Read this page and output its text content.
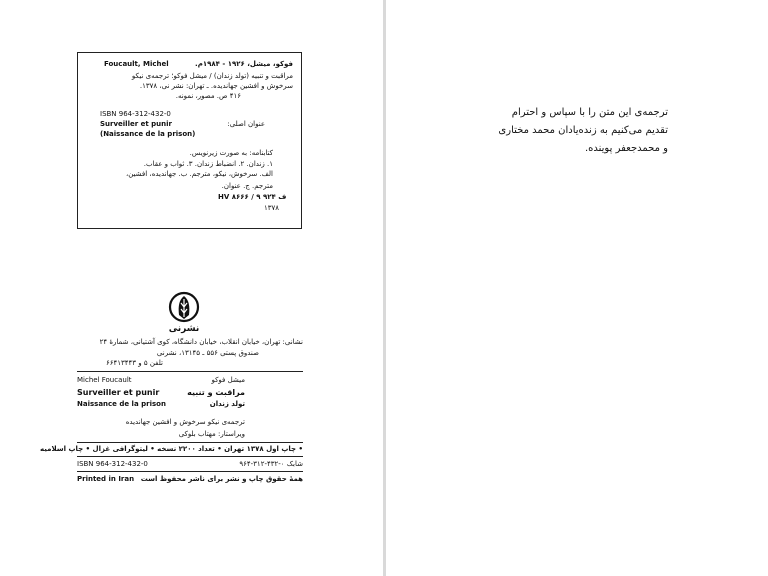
Foucault, Michel	فوکو، میشل، ۱۹۲۶ - ۱۹۸۴م.
مراقبت و تنبیه (تولد زندان) / میشل فوکو؛ ترجمه‌ی نیکو
سرخوش و افشین جهاندیده. ـ تهران: نشر نی، ۱۳۷۸.
۴۱۶ ص. مصور، نمونه.
ISBN 964-312-432-0
عنوان اصلی:
Surveiller et punir
(Naissance de la prison)
کتابنامه: به صورت زیرنویس.
۱. زندان. ۲. انضباط زندان. ۳. ثواب و عقاب.
الف. سرخوش، نیکو، مترجم. ب. جهاندیده، افشین،
مترجم. ج. عنوان.
HV ۸۶۶۶ / ۹ ف ۹۲۴
۱۳۷۸
نشرنی
نشانی: تهران، خیابان انقلاب، خیابان دانشگاه، کوی آشتیانی، شمارهٔ ۲۴
صندوق پستی ۵۵۶ ـ ۱۳۱۴۵، نشرنی
تلفن ۵ و ۶۶۴۱۳۴۴۳
Michel Foucault	میشل فوکو
Surveiller et punir	مراقبت و تنبیه
Naissance de la prison	تولد زندان
ترجمه‌ی نیکو سرخوش و افشین جهاندیده
ویراستار: مهتاب بلوکی
• چاپ اول ۱۳۷۸ تهران • تعداد ۲۲۰۰ نسخه • لیتوگرافی غزال • چاپ اسلامیه
ISBN 964-312-432-0	شابک ۰-۴۳۲-۳۱۲-۹۶۴
Printed in Iran همهٔ حقوق چاپ و نشر برای ناشر محفوظ است
ترجمه‌ی این متن را با سپاس و احترام
تقدیم می‌کنیم به زنده‌یادان محمد مختاری
و محمدجعفر پوینده.
